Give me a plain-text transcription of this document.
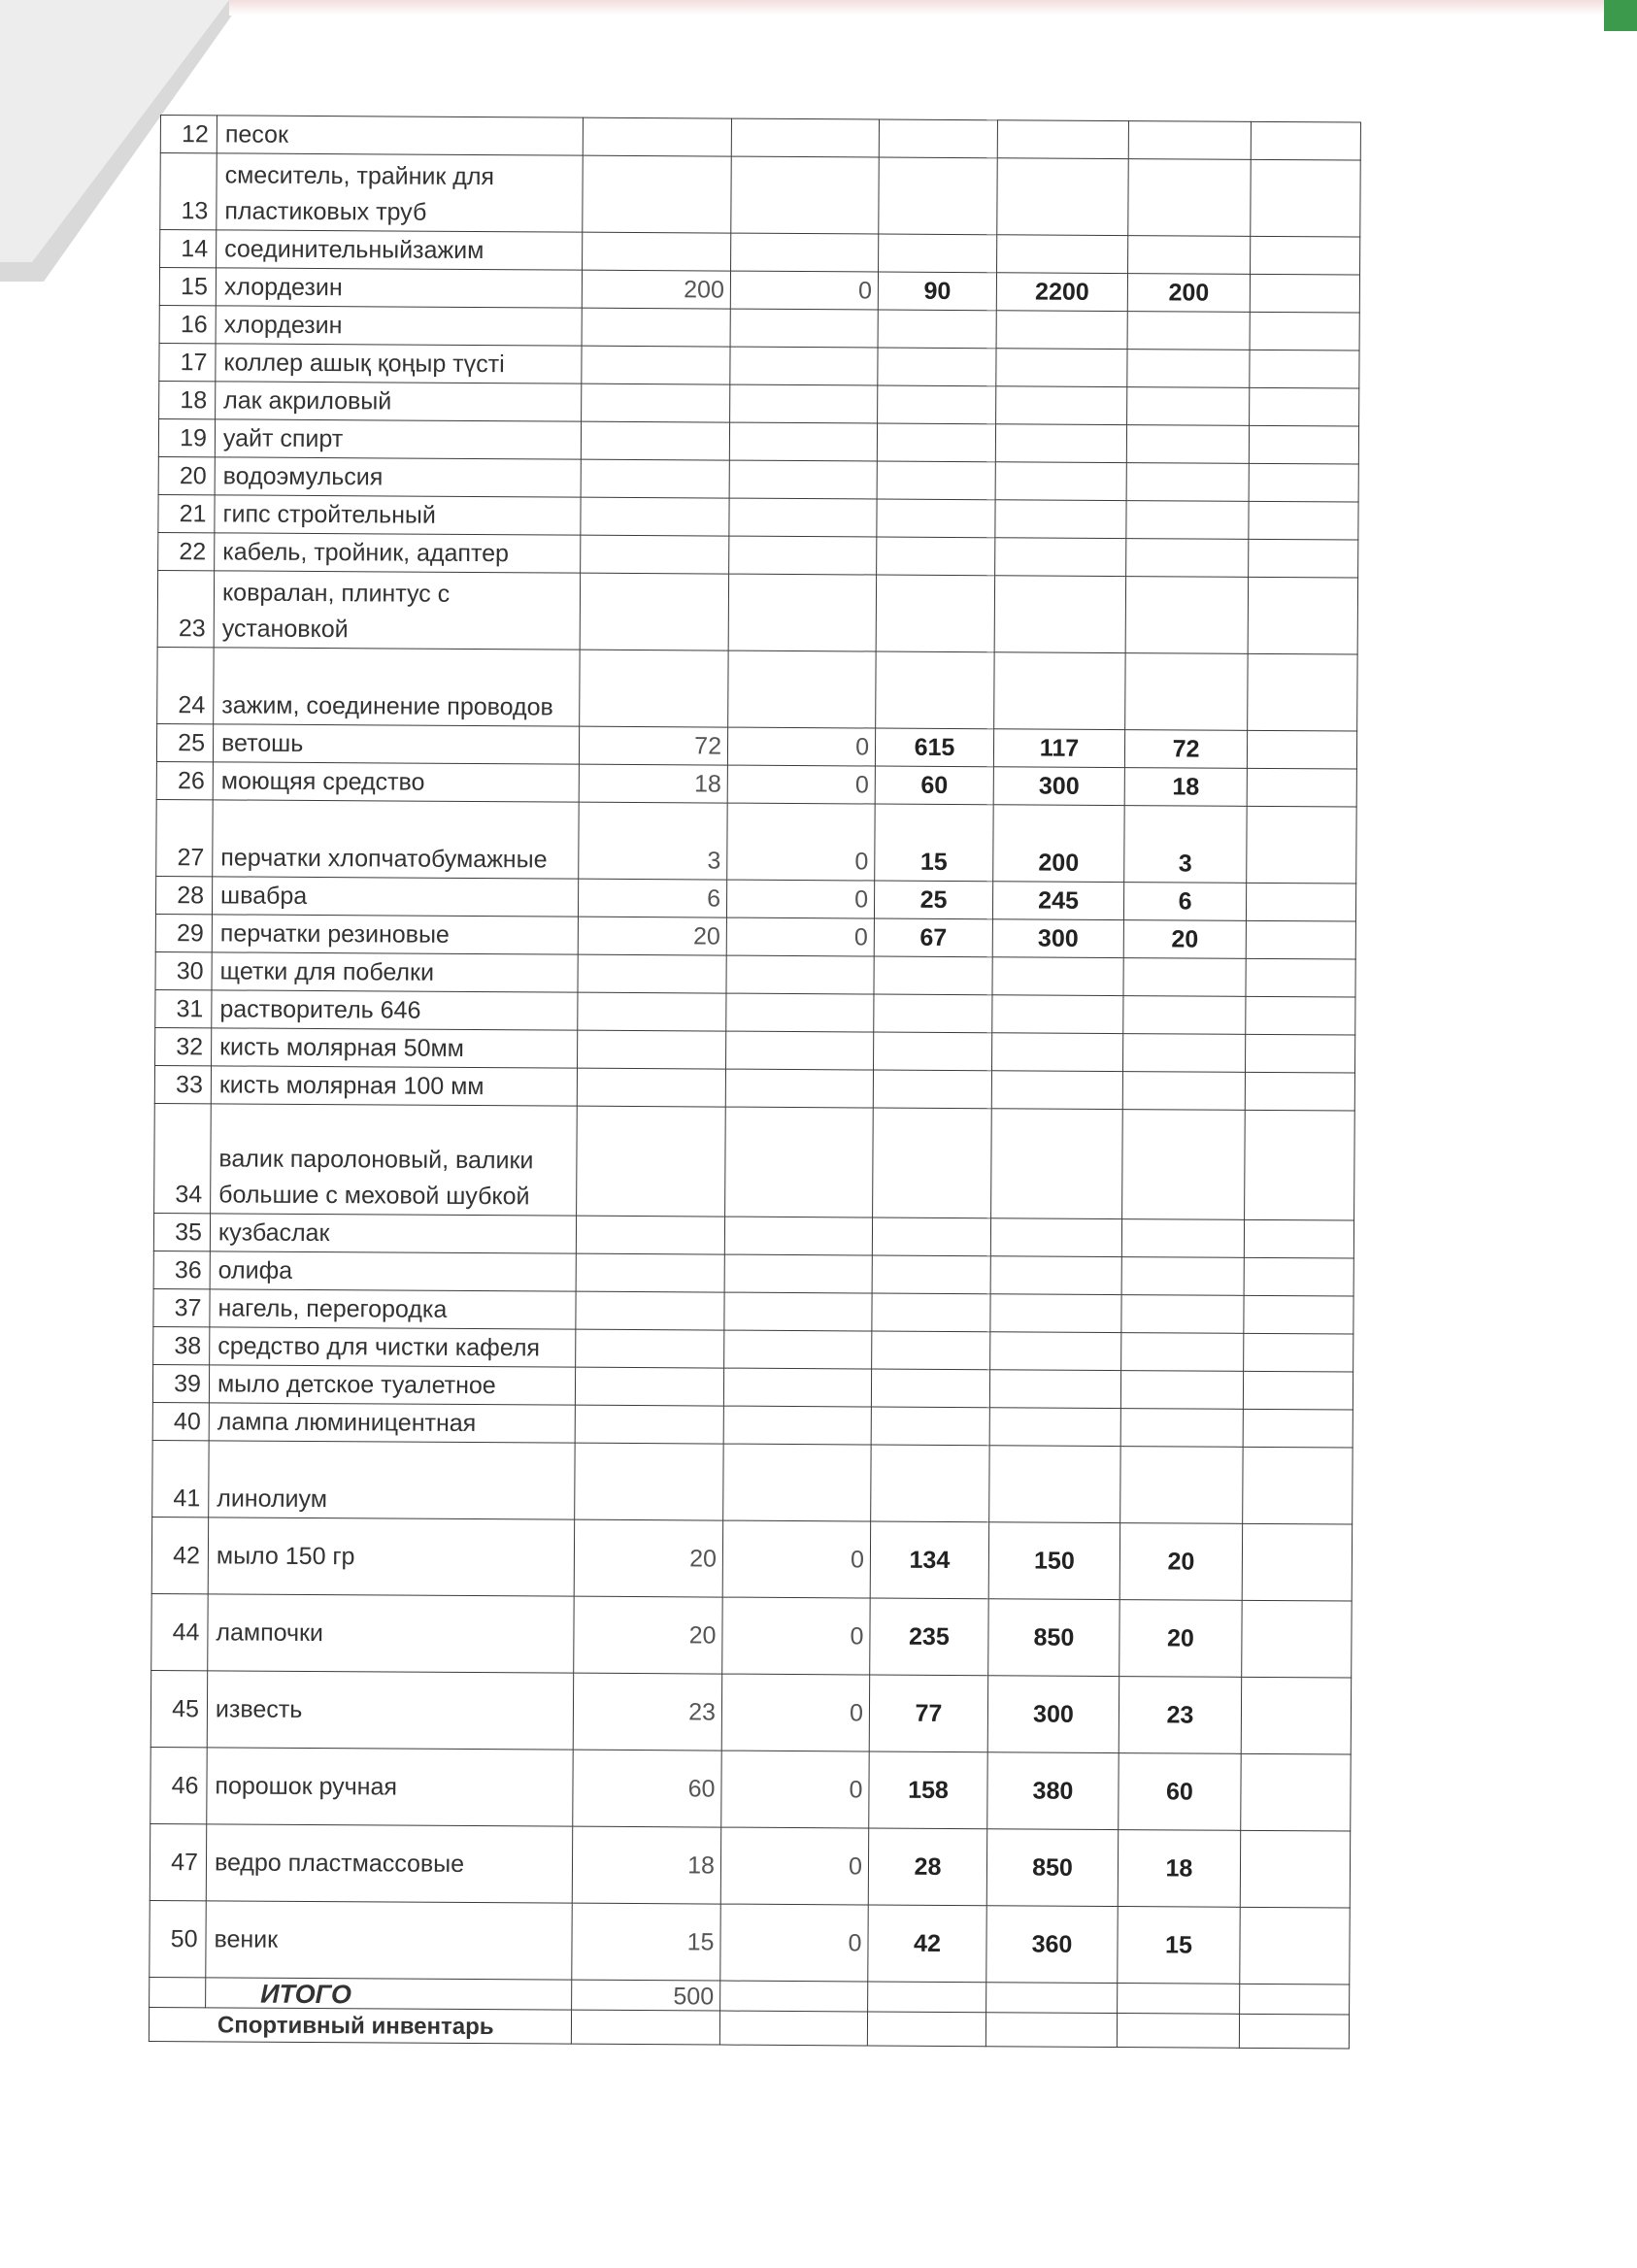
12	песок						
13	смеситель, трайник для пластиковых труб						
14	соединительныйзажим						
15	хлордезин	200	0	90	2200	200	
16	хлордезин						
17	коллер ашық қоңыр түсті						
18	лак акриловый						
19	уайт спирт						
20	водоэмульсия						
21	гипс стройтельный						
22	кабель, тройник, адаптер						
23	ковралан, плинтус с установкой						
24	зажим, соединение проводов						
25	ветошь	72	0	615	117	72	
26	моющяя средство	18	0	60	300	18	
27	перчатки хлопчатобумажные	3	0	15	200	3	
28	швабра	6	0	25	245	6	
29	перчатки резиновые	20	0	67	300	20	
30	щетки для побелки						
31	растворитель 646						
32	кисть молярная 50мм						
33	кисть молярная 100 мм						
34	валик паролоновый, валики большие с меховой шубкой						
35	кузбаслак						
36	олифа						
37	нагель, перегородка						
38	средство для чистки кафеля						
39	мыло детское туалетное						
40	лампа люминицентная						
41	линолиум						
42	мыло 150 гр	20	0	134	150	20	
44	лампочки	20	0	235	850	20	
45	известь	23	0	77	300	23	
46	порошок ручная	60	0	158	380	60	
47	ведро пластмассовые	18	0	28	850	18	
50	веник	15	0	42	360	15	
	ИТОГО	500					
Спортивный инвентарь							
